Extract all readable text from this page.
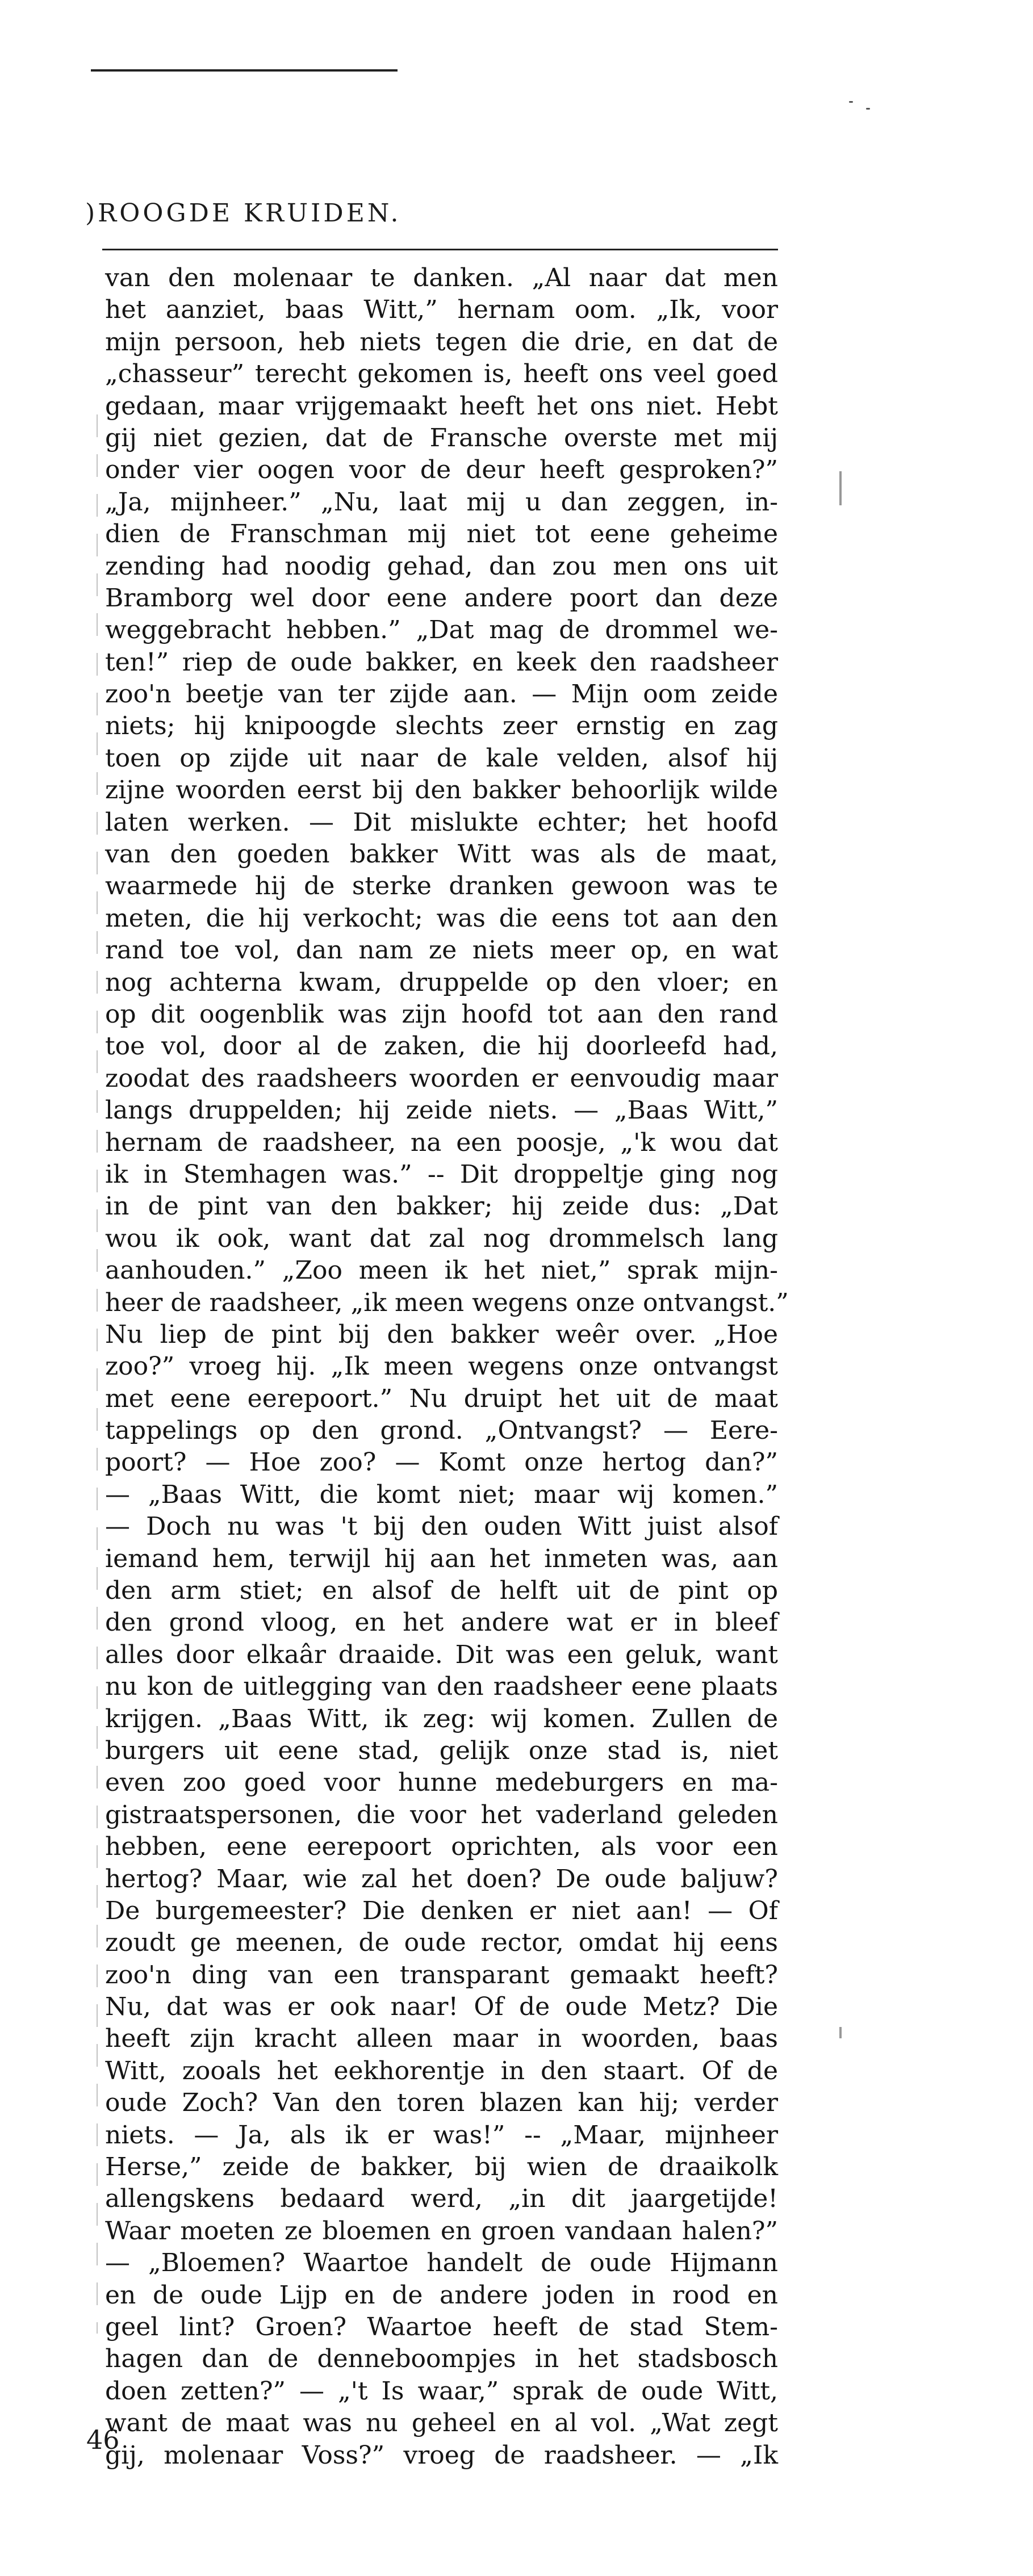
)ROOGDE KRUIDEN.
van den molenaar te danken. „Al naar dat men
het aanziet, baas Witt,” hernam oom. „Ik, voor
mijn persoon, heb niets tegen die drie, en dat de
„chasseur” terecht gekomen is, heeft ons veel goed
gedaan, maar vrijgemaakt heeft het ons niet. Hebt
gij niet gezien, dat de Fransche overste met mij
onder vier oogen voor de deur heeft gesproken?”
„Ja, mijnheer.” „Nu, laat mij u dan zeggen, in-
dien de Franschman mij niet tot eene geheime
zending had noodig gehad, dan zou men ons uit
Bramborg wel door eene andere poort dan deze
weggebracht hebben.” „Dat mag de drommel we-
ten!” riep de oude bakker, en keek den raadsheer
zoo'n beetje van ter zijde aan. — Mijn oom zeide
niets; hij knipoogde slechts zeer ernstig en zag
toen op zijde uit naar de kale velden, alsof hij
zijne woorden eerst bij den bakker behoorlijk wilde
laten werken. — Dit mislukte echter; het hoofd
van den goeden bakker Witt was als de maat,
waarmede hij de sterke dranken gewoon was te
meten, die hij verkocht; was die eens tot aan den
rand toe vol, dan nam ze niets meer op, en wat
nog achterna kwam, druppelde op den vloer; en
op dit oogenblik was zijn hoofd tot aan den rand
toe vol, door al de zaken, die hij doorleefd had,
zoodat des raadsheers woorden er eenvoudig maar
langs druppelden; hij zeide niets. — „Baas Witt,”
hernam de raadsheer, na een poosje, „'k wou dat
ik in Stemhagen was.” -- Dit droppeltje ging nog
in de pint van den bakker; hij zeide dus: „Dat
wou ik ook, want dat zal nog drommelsch lang
aanhouden.” „Zoo meen ik het niet,” sprak mijn-
heer de raadsheer, „ik meen wegens onze ontvangst.”
Nu liep de pint bij den bakker weêr over. „Hoe
zoo?” vroeg hij. „Ik meen wegens onze ontvangst
met eene eerepoort.” Nu druipt het uit de maat
tappelings op den grond. „Ontvangst? — Eere-
poort? — Hoe zoo? — Komt onze hertog dan?”
— „Baas Witt, die komt niet; maar wij komen.”
— Doch nu was 't bij den ouden Witt juist alsof
iemand hem, terwijl hij aan het inmeten was, aan
den arm stiet; en alsof de helft uit de pint op
den grond vloog, en het andere wat er in bleef
alles door elkaâr draaide. Dit was een geluk, want
nu kon de uitlegging van den raadsheer eene plaats
krijgen. „Baas Witt, ik zeg: wij komen. Zullen de
burgers uit eene stad, gelijk onze stad is, niet
even zoo goed voor hunne medeburgers en ma-
gistraatspersonen, die voor het vaderland geleden
hebben, eene eerepoort oprichten, als voor een
hertog? Maar, wie zal het doen? De oude baljuw?
De burgemeester? Die denken er niet aan! — Of
zoudt ge meenen, de oude rector, omdat hij eens
zoo'n ding van een transparant gemaakt heeft?
Nu, dat was er ook naar! Of de oude Metz? Die
heeft zijn kracht alleen maar in woorden, baas
Witt, zooals het eekhorentje in den staart. Of de
oude Zoch? Van den toren blazen kan hij; verder
niets. — Ja, als ik er was!” -- „Maar, mijnheer
Herse,” zeide de bakker, bij wien de draaikolk
allengskens bedaard werd, „in dit jaargetijde!
Waar moeten ze bloemen en groen vandaan halen?”
— „Bloemen? Waartoe handelt de oude Hijmann
en de oude Lijp en de andere joden in rood en
geel lint? Groen? Waartoe heeft de stad Stem-
hagen dan de denneboompjes in het stadsbosch
doen zetten?” — „'t Is waar,” sprak de oude Witt,
want de maat was nu geheel en al vol. „Wat zegt
gij, molenaar Voss?” vroeg de raadsheer. — „Ik
46
